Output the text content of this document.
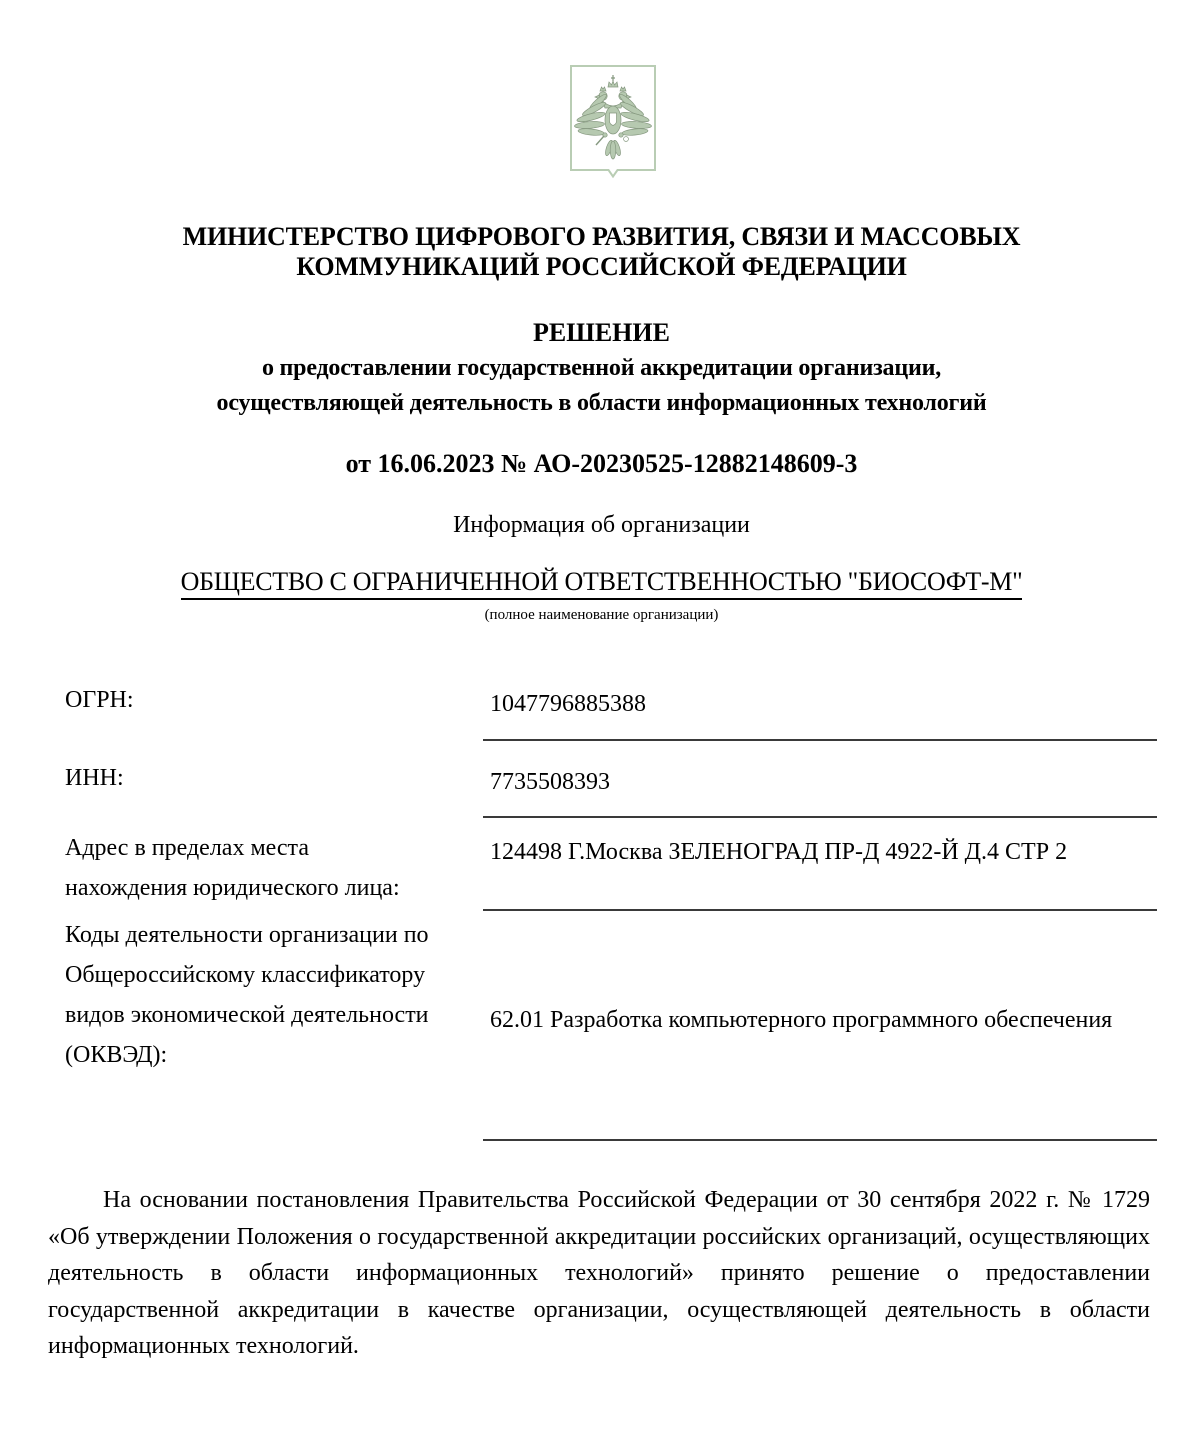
МИНИСТЕРСТВО ЦИФРОВОГО РАЗВИТИЯ, СВЯЗИ И МАССОВЫХ
КОММУНИКАЦИЙ РОССИЙСКОЙ ФЕДЕРАЦИИ
РЕШЕНИЕ
о предоставлении государственной аккредитации организации,
осуществляющей деятельность в области информационных технологий
от 16.06.2023 № АО-20230525-12882148609-3
Информация об организации
ОБЩЕСТВО С ОГРАНИЧЕННОЙ ОТВЕТСТВЕННОСТЬЮ "БИОСОФТ-М"
(полное наименование организации)
ОГРН:	1047796885388
ИНН:	7735508393
Адрес в пределах места нахождения юридического лица:
124498 Г.Москва ЗЕЛЕНОГРАД ПР-Д 4922-Й Д.4 СТР 2
Коды деятельности организации по Общероссийскому классификатору видов экономической деятельности (ОКВЭД):
62.01 Разработка компьютерного программного обеспечения
На основании постановления Правительства Российской Федерации от 30 сентября 2022 г. № 1729 «Об утверждении Положения о государственной аккредитации российских организаций, осуществляющих деятельность в области информационных технологий» принято решение о предоставлении государственной аккредитации в качестве организации, осуществляющей деятельность в области информационных технологий.
